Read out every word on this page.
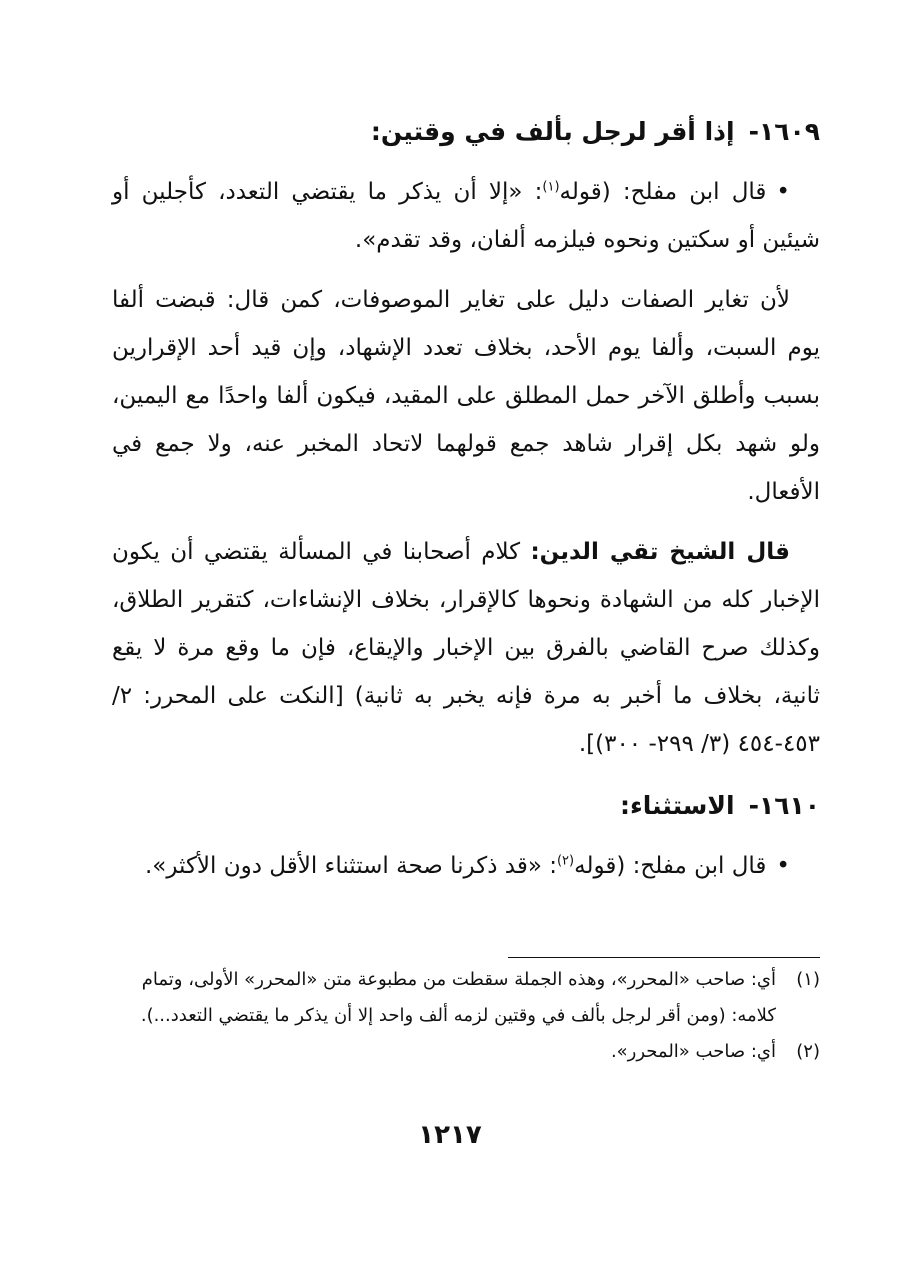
١٦٠٩-إذا أقر لرجل بألف في وقتين:

•قال ابن مفلح: (قوله$^{(١)}$: «إلا أن يذكر ما يقتضي التعدد، كأجلين أو شيئين أو سكتين ونحوه فيلزمه ألفان، وقد تقدم».

لأن تغاير الصفات دليل على تغاير الموصوفات، كمن قال: قبضت ألفا يوم السبت، وألفا يوم الأحد، بخلاف تعدد الإشهاد، وإن قيد أحد الإقرارين بسبب وأطلق الآخر حمل المطلق على المقيد، فيكون ألفا واحدًا مع اليمين، ولو شهد بكل إقرار شاهد جمع قولهما لاتحاد المخبر عنه، ولا جمع في الأفعال.

قال الشيخ تقي الدين: كلام أصحابنا في المسألة يقتضي أن يكون الإخبار كله من الشهادة ونحوها كالإقرار، بخلاف الإنشاءات، كتقرير الطلاق، وكذلك صرح القاضي بالفرق بين الإخبار والإيقاع، فإن ما وقع مرة لا يقع ثانية، بخلاف ما أخبر به مرة فإنه يخبر به ثانية) [النكت على المحرر: ٢/ ٤٥٣-٤٥٤ (٣/ ٢٩٩- ٣٠٠)].

١٦١٠-الاستثناء:

•قال ابن مفلح: (قوله$^{(٢)}$: «قد ذكرنا صحة استثناء الأقل دون الأكثر».

(١)أي: صاحب «المحرر»، وهذه الجملة سقطت من مطبوعة متن «المحرر» الأولى، وتمام كلامه: (ومن أقر لرجل بألف في وقتين لزمه ألف واحد إلا أن يذكر ما يقتضي التعدد...).

(٢)أي: صاحب «المحرر».

١٢١٧
